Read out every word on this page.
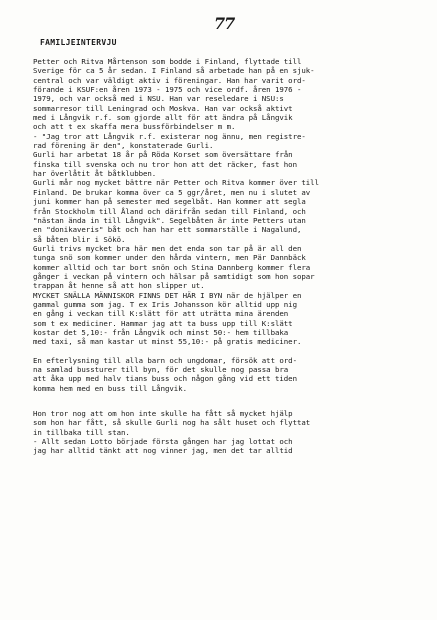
77
FAMILJEINTERVJU
Petter och Ritva Mårtenson som bodde i Finland, flyttade till
Sverige för ca 5 år sedan. I Finland så arbetade han på en sjuk-
central och var väldigt aktiv i föreningar. Han har varit ord-
förande i KSUF:en åren 1973 - 1975 och vice ordf. åren 1976 -
1979, och var också med i NSU. Han var reseledare i NSU:s
sommarresor till Leningrad och Moskva. Han var också aktivt
med i Långvik r.f. som gjorde allt för att ändra på Långvik
och att t ex skaffa mera bussförbindelser m m.
- "Jag tror att Långvik r.f. existerar nog ännu, men registre-
rad förening är den", konstaterade Gurli.
Gurli har arbetat 18 år på Röda Korset som översättare från
finska till svenska och nu tror hon att det räcker, fast hon
har överlåtit åt båtklubben.
Gurli mår nog mycket bättre när Petter och Ritva kommer över till
Finland. De brukar komma över ca 5 ggr/året, men nu i slutet av
juni kommer han på semester med segelbåt. Han kommer att segla
från Stockholm till Åland och därifrån sedan till Finland, och
"nästan ända in till Långvik". Segelbåten är inte Petters utan
en "donikaveris" båt och han har ett sommarställe i Nagalund,
så båten blir i Sökö.
Gurli trivs mycket bra här men det enda son tar på är all den
tunga snö som kommer under den hårda vintern, men Pär Dannbäck
kommer alltid och tar bort snön och Stina Dannberg kommer flera
gånger i veckan på vintern och hälsar på samtidigt som hon sopar
trappan åt henne så att hon slipper ut.
MYCKET SNÄLLA MÄNNISKOR FINNS DET HÄR I BYN när de hjälper en
gammal gumma som jag. T ex Iris Johansson kör alltid upp nig
en gång i veckan till K:slätt för att uträtta mina ärenden
som t ex mediciner. Hammar jag att ta buss upp till K:slätt
kostar det 5,10:- från Långvik och minst 50:- hem tillbaka
med taxi, så man kastar ut minst 55,10:- på gratis mediciner.
En efterlysning till alla barn och ungdomar, försök att ord-
na samlad bussturer till byn, för det skulle nog passa bra
att åka upp med halv tians buss och någon gång vid ett tiden
komma hem med en buss till Långvik.
Hon tror nog att om hon inte skulle ha fått så mycket hjälp
som hon har fått, så skulle Gurli nog ha sålt huset och flyttat
in tillbaka till stan.
- Allt sedan Lotto började första gången har jag lottat och
jag har alltid tänkt att nog vinner jag, men det tar alltid
